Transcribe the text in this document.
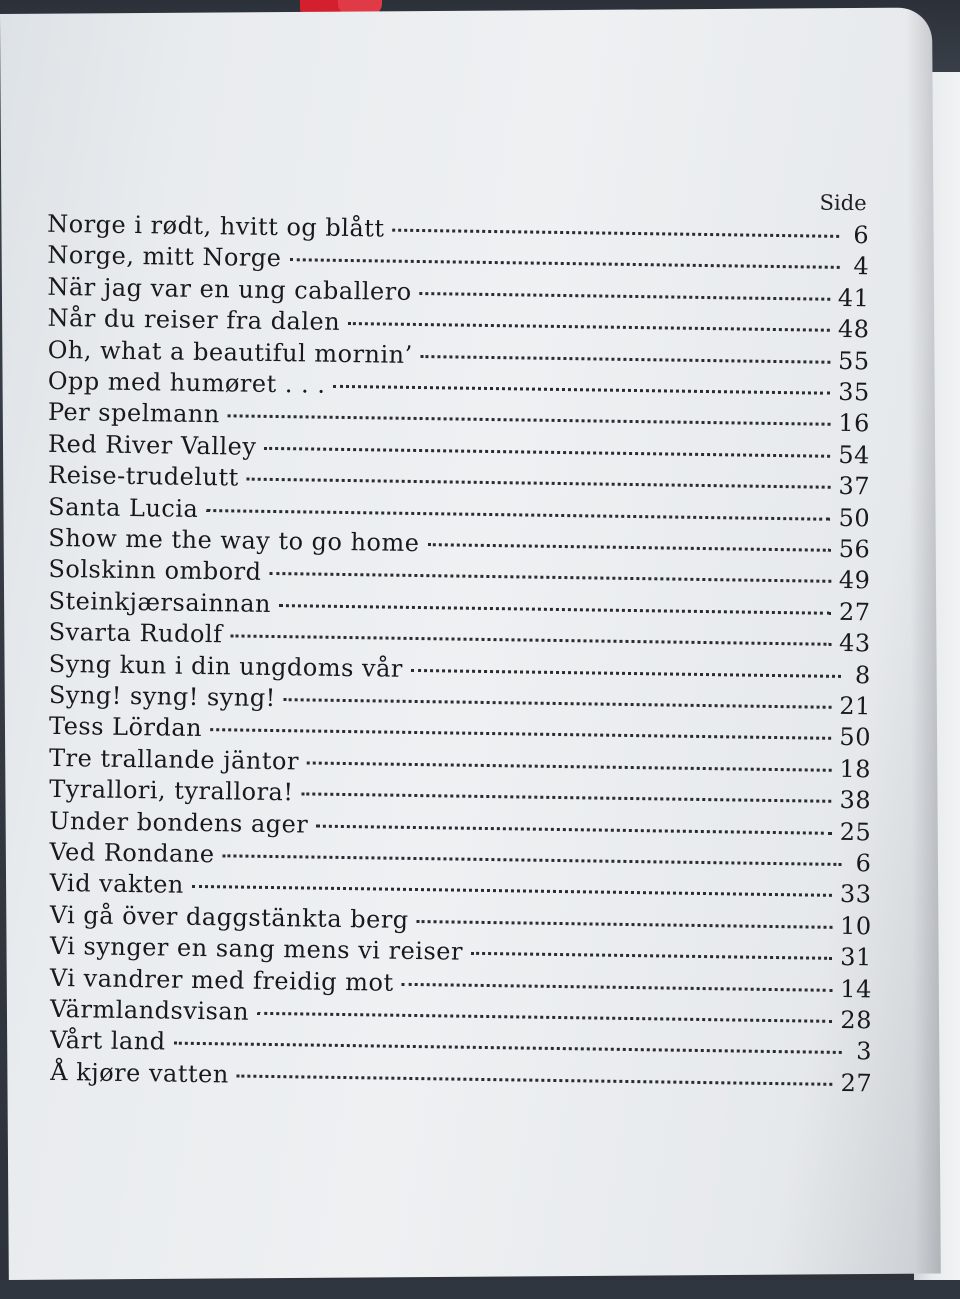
Side
Norge i rødt, hvitt og blått	6
Norge, mitt Norge	4
När jag var en ung caballero	41
Når du reiser fra dalen	48
Oh, what a beautiful mornin’	55
Opp med humøret . . .	35
Per spelmann	16
Red River Valley	54
Reise-trudelutt	37
Santa Lucia	50
Show me the way to go home	56
Solskinn ombord	49
Steinkjærsainnan	27
Svarta Rudolf	43
Syng kun i din ungdoms vår	8
Syng! syng! syng!	21
Tess Lördan	50
Tre trallande jäntor	18
Tyrallori, tyrallora!	38
Under bondens ager	25
Ved Rondane	6
Vid vakten	33
Vi gå över daggstänkta berg	10
Vi synger en sang mens vi reiser	31
Vi vandrer med freidig mot	14
Värmlandsvisan	28
Vårt land	3
Å kjøre vatten	27
